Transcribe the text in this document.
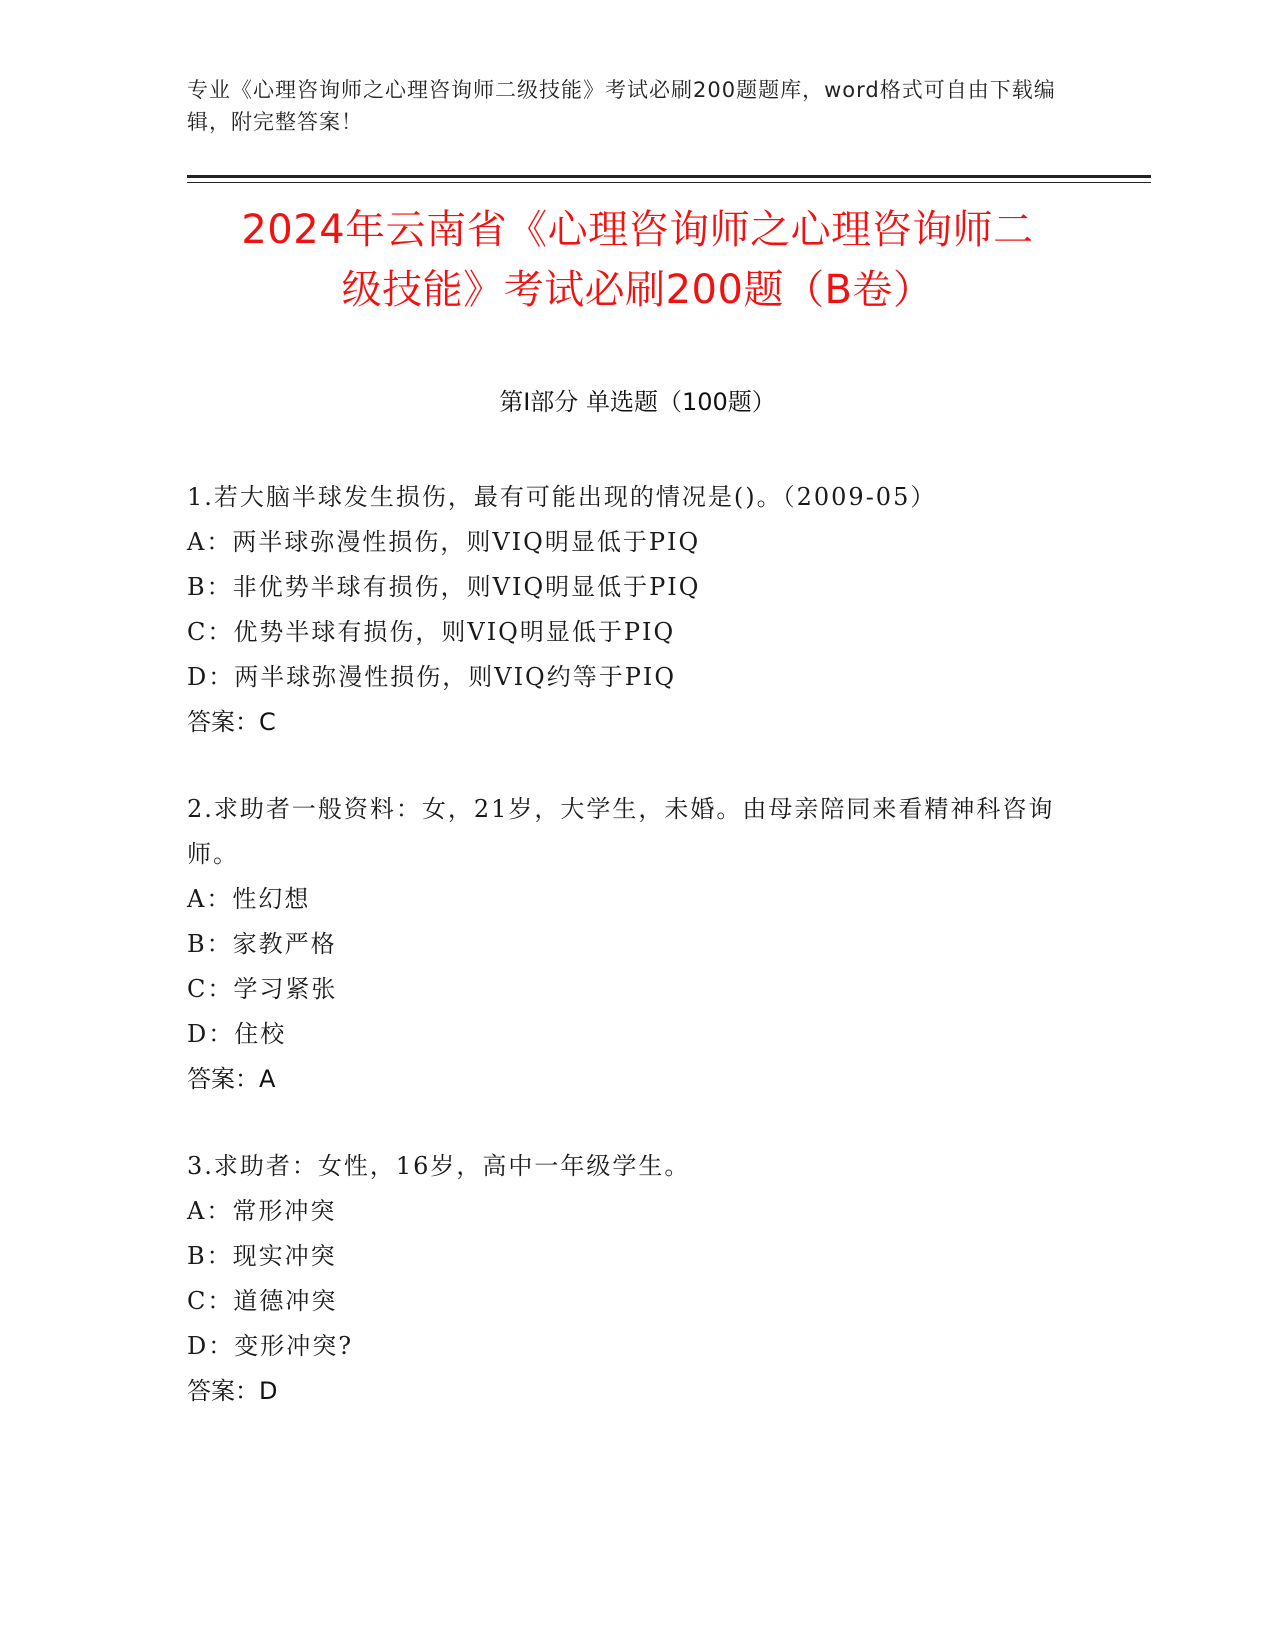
专业《心理咨询师之心理咨询师二级技能》考试必刷200题题库，word格式可自由下载编辑，附完整答案！
2024年云南省《心理咨询师之心理咨询师二
级技能》考试必刷200题（B卷）
第I部分 单选题（100题）
1.若大脑半球发生损伤，最有可能出现的情况是()。（2009-05）
A：两半球弥漫性损伤，则VIQ明显低于PIQ
B：非优势半球有损伤，则VIQ明显低于PIQ
C：优势半球有损伤，则VIQ明显低于PIQ
D：两半球弥漫性损伤，则VIQ约等于PIQ
答案：C
2.求助者一般资料：女，21岁，大学生，未婚。由母亲陪同来看精神科咨询师。
A：性幻想
B：家教严格
C：学习紧张
D：住校
答案：A
3.求助者：女性，16岁，高中一年级学生。
A：常形冲突
B：现实冲突
C：道德冲突
D：变形冲突?
答案：D
